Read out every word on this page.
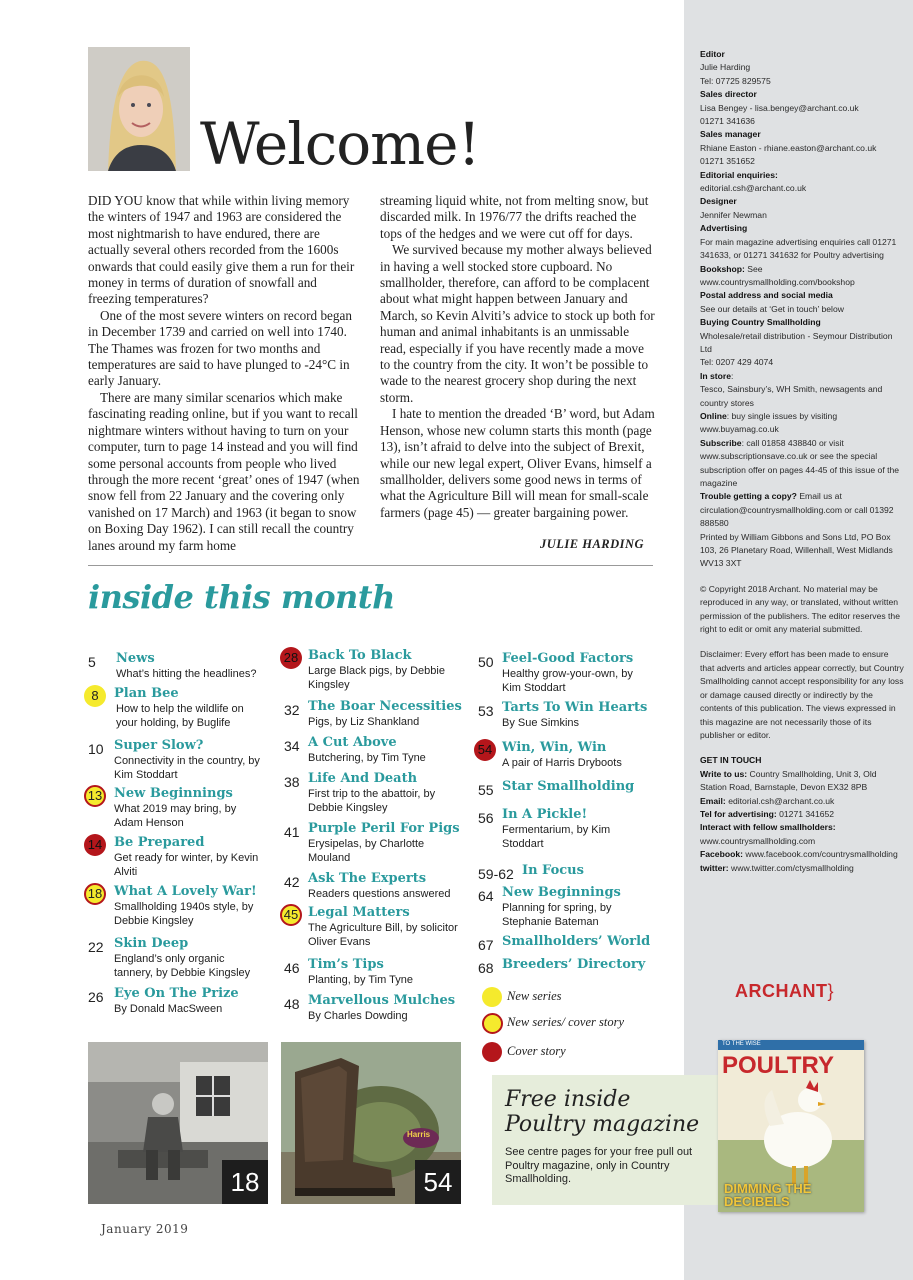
Editor

Julie Harding

Tel: 07725 829575

Sales director

Lisa Bengey - lisa.bengey@archant.co.uk

01271 341636

Sales manager

Rhiane Easton - rhiane.easton@archant.co.uk

01271 351652

Editorial enquiries:

editorial.csh@archant.co.uk

Designer

Jennifer Newman

Advertising

For main magazine advertising enquiries call 01271 341633, or 01271 341632 for Poultry advertising

Bookshop: See www.countrysmallholding.com/bookshop

Postal address and social media

See our details at ‘Get in touch’ below

Buying Country Smallholding

Wholesale/retail distribution - Seymour Distribution Ltd

Tel: 0207 429 4074

In store:

Tesco, Sainsbury’s, WH Smith, newsagents and country stores

Online: buy single issues by visiting www.buyamag.co.uk

Subscribe: call 01858 438840 or visit www.subscriptionsave.co.uk or see the special subscription offer on pages 44-45 of this issue of the magazine

Trouble getting a copy? Email us at circulation@countrysmallholding.com or call 01392 888580

Printed by William Gibbons and Sons Ltd, PO Box 103, 26 Planetary Road, Willenhall, West Midlands WV13 3XT

© Copyright 2018 Archant. No material may be reproduced in any way, or translated, without written permission of the publishers. The editor reserves the right to edit or omit any material submitted.

Disclaimer: Every effort has been made to ensure that adverts and articles appear correctly, but Country Smallholding cannot accept responsibility for any loss or damage caused directly or indirectly by the contents of this publication. The views expressed in this magazine are not necessarily those of its publisher or editor.

GET IN TOUCH

Write to us: Country Smallholding, Unit 3, Old Station Road, Barnstaple, Devon EX32 8PB

Email: editorial.csh@archant.co.uk

Tel for advertising: 01271 341652

Interact with fellow smallholders: www.countrysmallholding.com

Facebook: www.facebook.com/countrysmallholding

twitter: www.twitter.com/ctysmallholding

ARCHANT}
Welcome!

DID YOU know that while within living memory the winters of 1947 and 1963 are considered the most nightmarish to have endured, there are actually several others recorded from the 1600s onwards that could easily give them a run for their money in terms of duration of snowfall and freezing temperatures?

One of the most severe winters on record began in December 1739 and carried on well into 1740. The Thames was frozen for two months and temperatures are said to have plunged to -24°C in early January.

There are many similar scenarios which make fascinating reading online, but if you want to recall nightmare winters without having to turn on your computer, turn to page 14 instead and you will find some personal accounts from people who lived through the more recent ‘great’ ones of 1947 (when snow fell from 22 January and the covering only vanished on 17 March) and 1963 (it began to snow on Boxing Day 1962). I can still recall the country lanes around my farm home

streaming liquid white, not from melting snow, but discarded milk. In 1976/77 the drifts reached the tops of the hedges and we were cut off for days.

We survived because my mother always believed in having a well stocked store cupboard. No smallholder, therefore, can afford to be complacent about what might happen between January and March, so Kevin Alviti’s advice to stock up both for human and animal inhabitants is an unmissable read, especially if you have recently made a move to the country from the city. It won’t be possible to wade to the nearest grocery shop during the next storm.

I hate to mention the dreaded ‘B’ word, but Adam Henson, whose new column starts this month (page 13), isn’t afraid to delve into the subject of Brexit, while our new legal expert, Oliver Evans, himself a smallholder, delivers some good news in terms of what the Agriculture Bill will mean for small-scale farmers (page 45) — greater bargaining power.

JULIE HARDING
inside this month
5	News
What’s hitting the headlines?
8	Plan Bee
How to help the wildlife on your holding, by Buglife
10 Super Slow?
Connectivity in the country, by Kim Stoddart
13 New Beginnings
What 2019 may bring, by Adam Henson
14 Be Prepared
Get ready for winter, by Kevin Alviti
18 What A Lovely War!
Smallholding 1940s style, by Debbie Kingsley
22 Skin Deep
England’s only organic tannery, by Debbie Kingsley
26 Eye On The Prize
By Donald MacSween
28 Back To Black
Large Black pigs, by Debbie Kingsley
32 The Boar Necessities
Pigs, by Liz Shankland
34 A Cut Above
Butchering, by Tim Tyne
38 Life And Death
First trip to the abattoir, by Debbie Kingsley
41 Purple Peril For Pigs
Erysipelas, by Charlotte Mouland
42 Ask The Experts
Readers questions answered
45 Legal Matters
The Agriculture Bill, by solicitor Oliver Evans
46 Tim’s Tips
Planting, by Tim Tyne
48 Marvellous Mulches
By Charles Dowding
50 Feel-Good Factors
Healthy grow-your-own, by Kim Stoddart
53 Tarts To Win Hearts
By Sue Simkins
54 Win, Win, Win
A pair of Harris Dryboots
55 Star Smallholding
56 In A Pickle!
Fermentarium, by Kim Stoddart
59-62 In Focus
64 New Beginnings
Planning for spring, by Stephanie Bateman
67 Smallholders’ World
68 Breeders’ Directory
New series
New series/ cover story
Cover story
18
Harris
54
Free inside
Poultry magazine

See centre pages for your free pull out Poultry magazine, only in Country Smallholding.

TO THE WISE
POULTRY
DIMMING THE DECIBELS
January 2019
